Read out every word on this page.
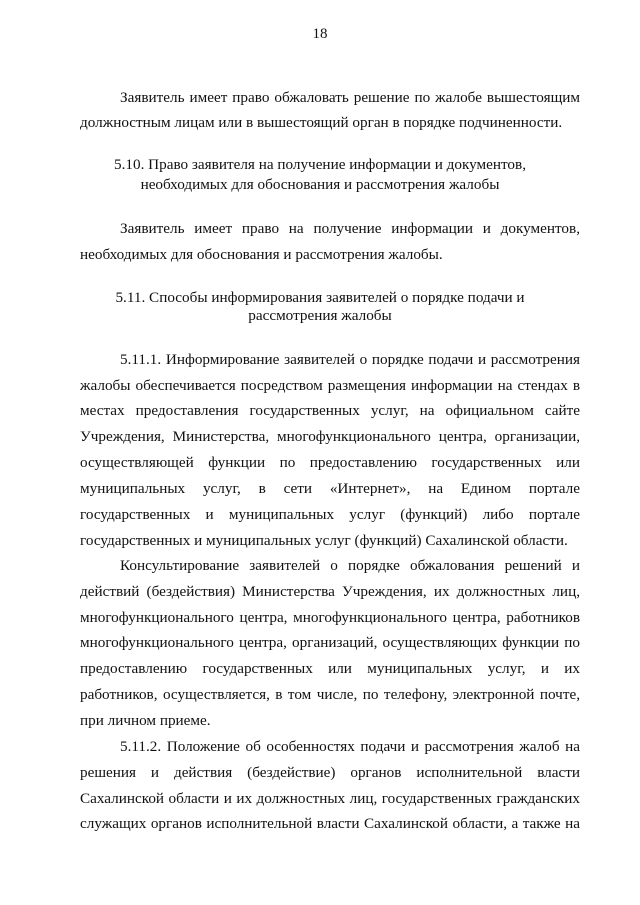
18
Заявитель имеет право обжаловать решение по жалобе вышестоящим
должностным лицам или в вышестоящий орган в порядке подчиненности.
5.10. Право заявителя на получение информации и документов,
необходимых для обоснования и рассмотрения жалобы
Заявитель имеет право на получение информации и документов,
необходимых для обоснования и рассмотрения жалобы.
5.11. Способы информирования заявителей о порядке подачи и
рассмотрения жалобы
5.11.1. Информирование заявителей о порядке подачи и рассмотрения
жалобы обеспечивается посредством размещения информации на стендах в
местах предоставления государственных услуг, на официальном сайте
Учреждения, Министерства, многофункционального центра, организации,
осуществляющей функции по предоставлению государственных или
муниципальных услуг, в сети «Интернет», на Едином портале
государственных и муниципальных услуг (функций) либо портале
государственных и муниципальных услуг (функций) Сахалинской области.
Консультирование заявителей о порядке обжалования решений и
действий (бездействия) Министерства Учреждения, их должностных лиц,
многофункционального центра, многофункционального центра, работников
многофункционального центра, организаций, осуществляющих функции по
предоставлению государственных или муниципальных услуг, и их
работников, осуществляется, в том числе, по телефону, электронной почте,
при личном приеме.
5.11.2. Положение об особенностях подачи и рассмотрения жалоб на
решения и действия (бездействие) органов исполнительной власти
Сахалинской области и их должностных лиц, государственных гражданских
служащих органов исполнительной власти Сахалинской области, а также на
